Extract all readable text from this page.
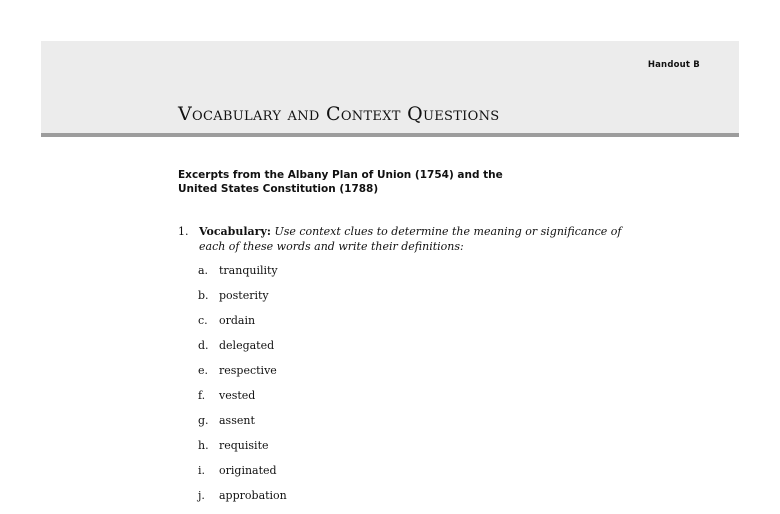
Handout B
Vocabulary and Context Questions
Excerpts from the Albany Plan of Union (1754) and the
United States Constitution (1788)
1. Vocabulary: Use context clues to determine the meaning or significance of each of these words and write their definitions:
a. tranquility
b. posterity
c. ordain
d. delegated
e. respective
f. vested
g. assent
h. requisite
i. originated
j. approbation
